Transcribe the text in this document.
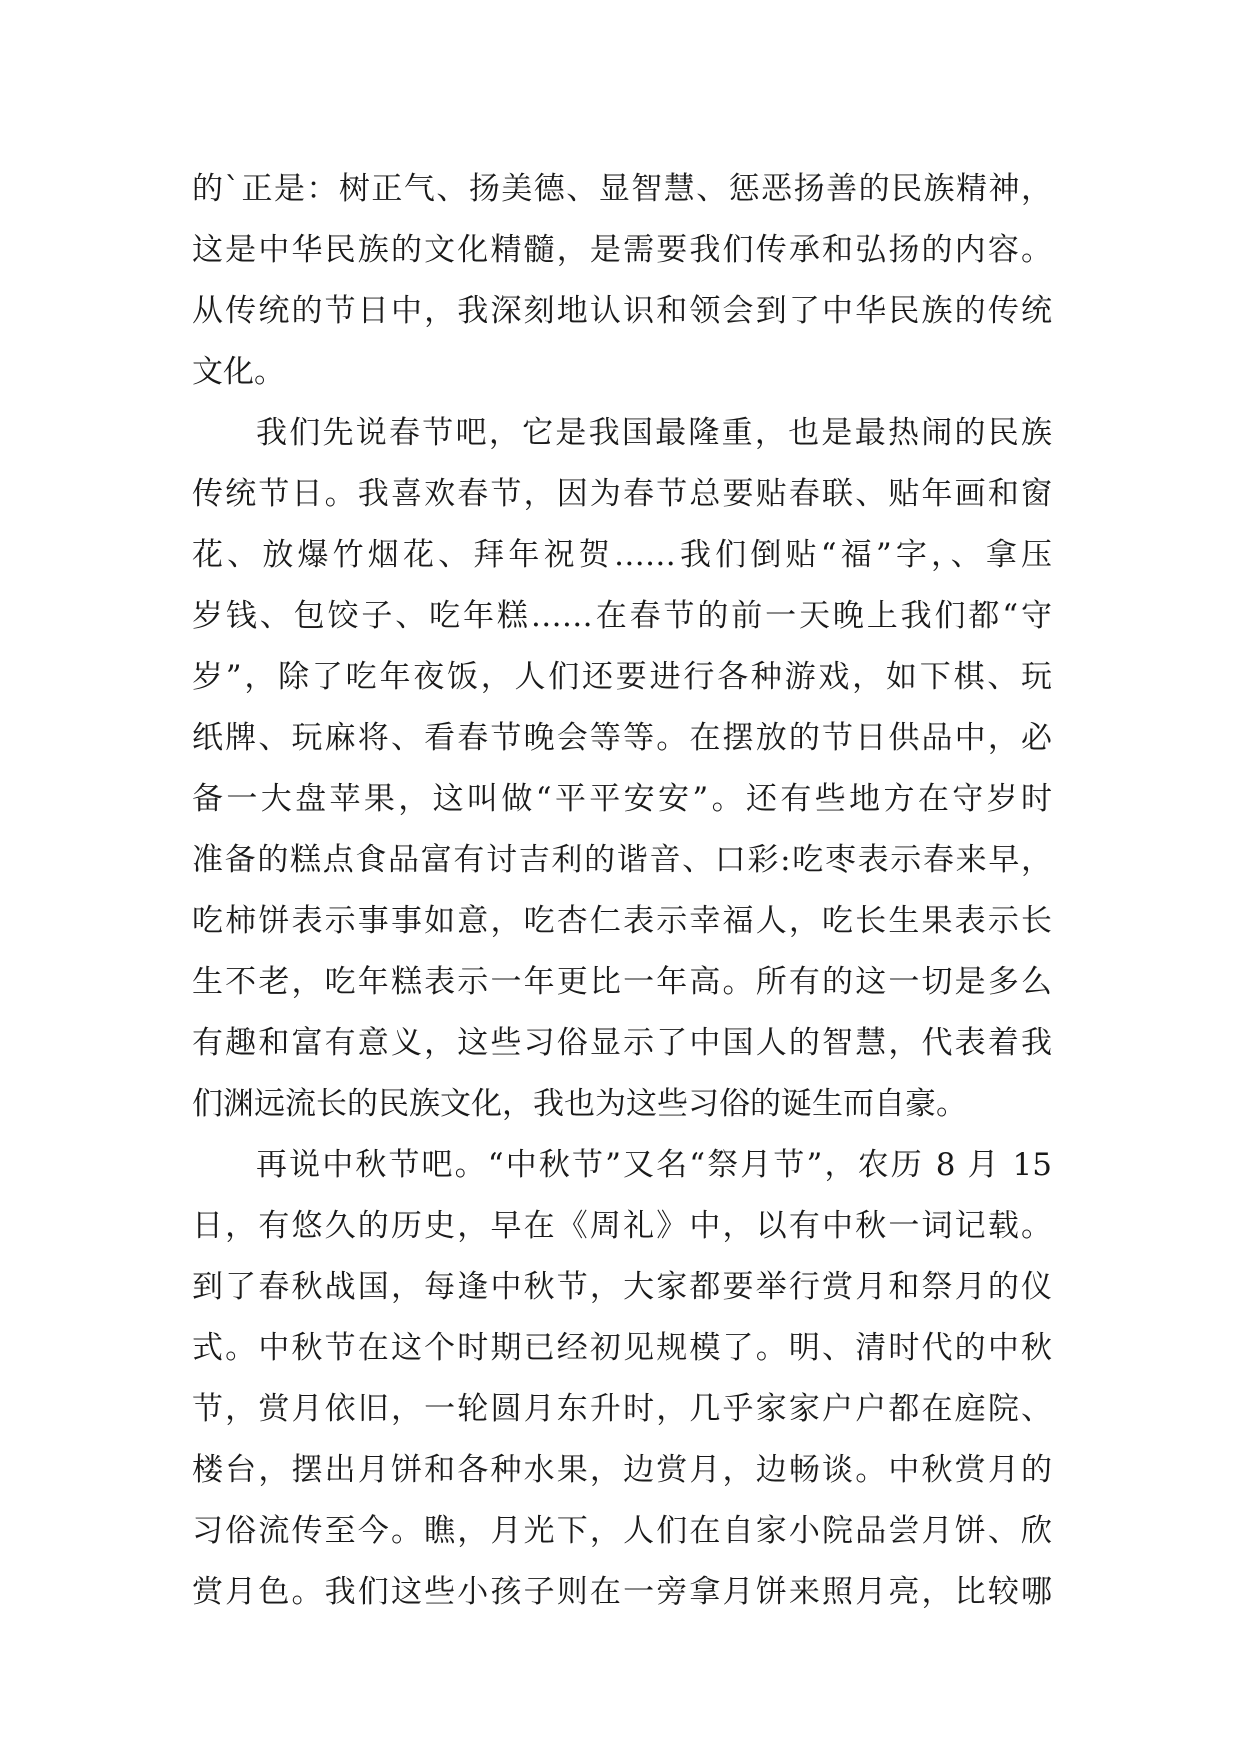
的`正是：树正气、扬美德、显智慧、惩恶扬善的民族精神，
这是中华民族的文化精髓，是需要我们传承和弘扬的内容。
从传统的节日中，我深刻地认识和领会到了中华民族的传统
文化。
我们先说春节吧，它是我国最隆重，也是最热闹的民族
传统节日。我喜欢春节，因为春节总要贴春联、贴年画和窗
花、放爆竹烟花、拜年祝贺……我们倒贴“福”字，、拿压
岁钱、包饺子、吃年糕……在春节的前一天晚上我们都“守
岁”，除了吃年夜饭，人们还要进行各种游戏，如下棋、玩
纸牌、玩麻将、看春节晚会等等。在摆放的节日供品中，必
备一大盘苹果，这叫做“平平安安”。还有些地方在守岁时
准备的糕点食品富有讨吉利的谐音、口彩:吃枣表示春来早，
吃柿饼表示事事如意，吃杏仁表示幸福人，吃长生果表示长
生不老，吃年糕表示一年更比一年高。所有的这一切是多么
有趣和富有意义，这些习俗显示了中国人的智慧，代表着我
们渊远流长的民族文化，我也为这些习俗的诞生而自豪。
再说中秋节吧。“中秋节”又名“祭月节”，农历 8 月 15
日，有悠久的历史，早在《周礼》中，以有中秋一词记载。
到了春秋战国，每逢中秋节，大家都要举行赏月和祭月的仪
式。中秋节在这个时期已经初见规模了。明、清时代的中秋
节，赏月依旧，一轮圆月东升时，几乎家家户户都在庭院、
楼台，摆出月饼和各种水果，边赏月，边畅谈。中秋赏月的
习俗流传至今。瞧，月光下，人们在自家小院品尝月饼、欣
赏月色。我们这些小孩子则在一旁拿月饼来照月亮，比较哪
